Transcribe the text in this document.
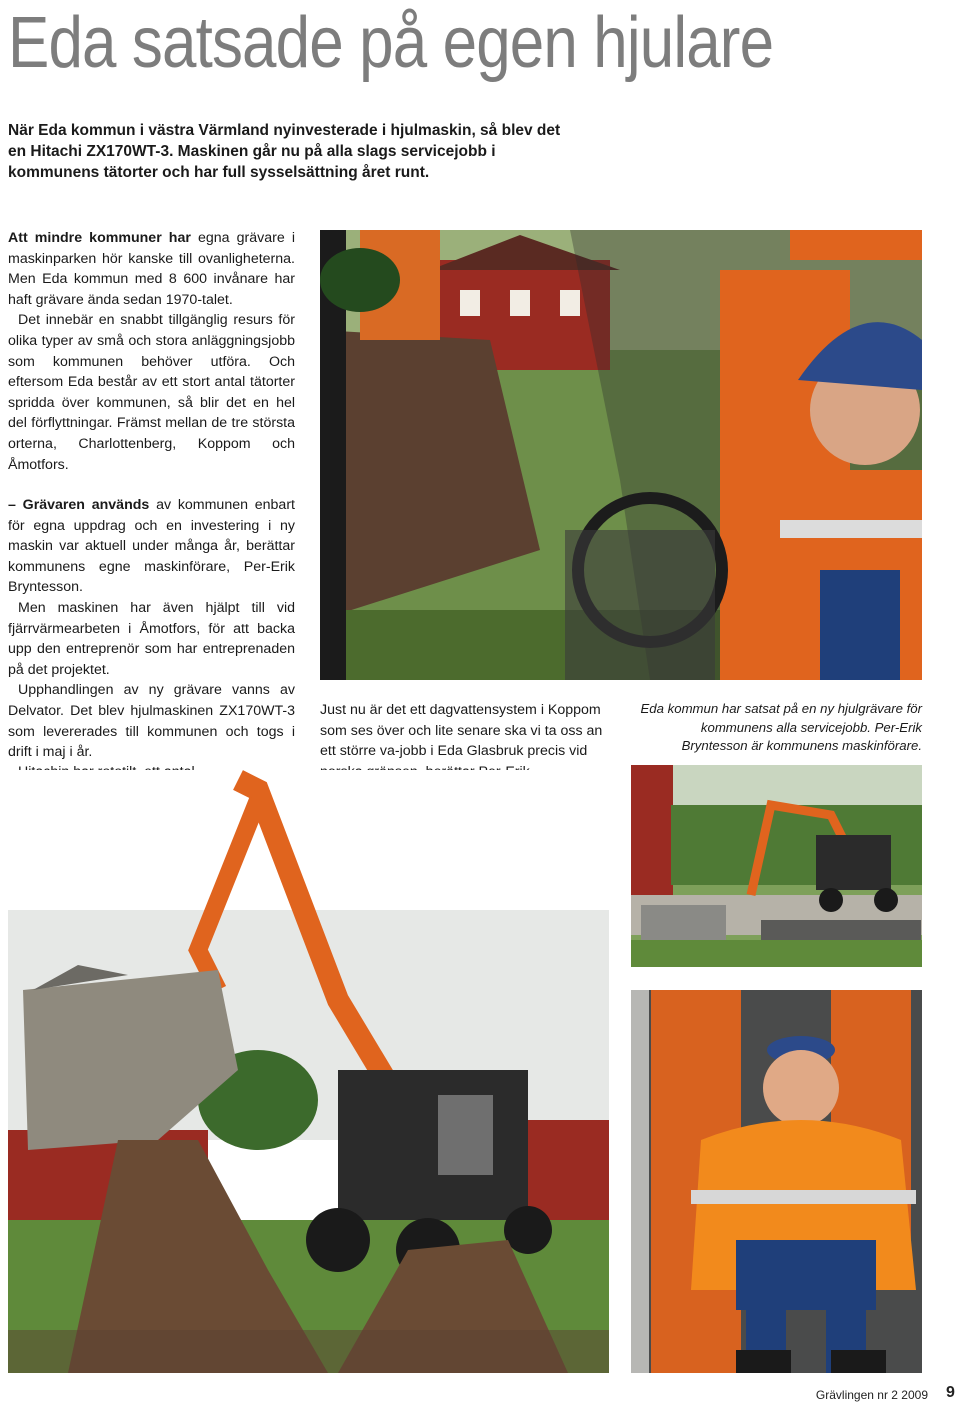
Eda satsade på egen hjulare
När Eda kommun i västra Värmland nyinvesterade i hjulmaskin, så blev det en Hitachi ZX170WT-3. Maskinen går nu på alla slags servicejobb i kommunens tätorter och har full sysselsättning året runt.

Att mindre kommuner har egna grävare i maskinparken hör kanske till ovanligheterna. Men Eda kommun med 8 600 invånare har haft grävare ända sedan 1970-talet.

Det innebär en snabbt tillgänglig resurs för olika typer av små och stora anläggningsjobb som kommunen behöver utföra. Och eftersom Eda består av ett stort antal tätorter spridda över kommunen, så blir det en hel del förflyttningar. Främst mellan de tre största orterna, Charlottenberg, Koppom och Åmotfors.

– Grävaren används av kommunen enbart för egna uppdrag och en investering i ny maskin var aktuell under många år, berättar kommunens egne maskinförare, Per-Erik Bryntesson.

Men maskinen har även hjälpt till vid fjärrvärmearbeten i Åmotfors, för att backa upp den entreprenör som har entreprenaden på det projektet.

Upphandlingen av ny grävare vanns av Delvator. Det blev hjulmaskinen ZX170WT-3 som levererades till kommunen och togs i drift i maj i år.

Just nu är det ett dagvattensystem i Koppom som ses över och lite senare ska vi ta oss an ett större va-jobb i Eda Glasbruk precis vid

Eda kommun har satsat på en ny hjulgrävare för kommunens alla servicejobb. Per-Erik Bryntesson är kommunens maskinförare.
Grävlingen nr 2 2009 9
